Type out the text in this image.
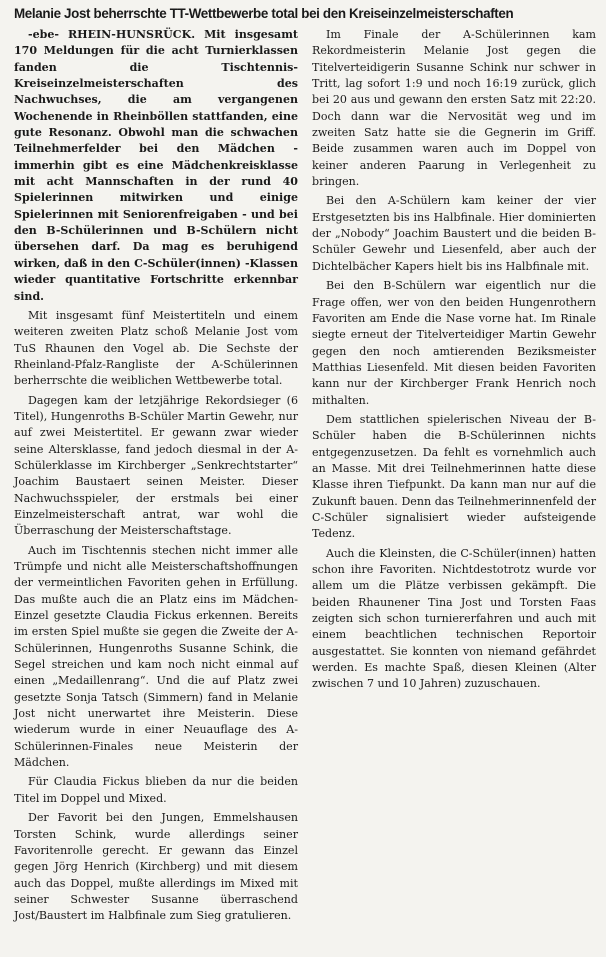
Melanie Jost beherrschte TT-Wettbewerbe total bei den Kreiseinzelmeisterschaften

-ebe- RHEIN-HUNSRÜCK. Mit insgesamt 170 Meldungen für die acht Turnierklassen fanden die Tischtennis-Kreiseinzelmeisterschaften des Nachwuchses, die am vergangenen Wochenende in Rheinböllen stattfanden, eine gute Resonanz. Obwohl man die schwachen Teilnehmerfelder bei den Mädchen - immerhin gibt es eine Mädchenkreisklasse mit acht Mannschaften in der rund 40 Spielerinnen mitwirken und einige Spielerinnen mit Seniorenfreigaben - und bei den B-Schülerinnen und B-Schülern nicht übersehen darf. Da mag es beruhigend wirken, daß in den C-Schüler(innen) -Klassen wieder quantitative Fortschritte erkennbar sind.

Mit insgesamt fünf Meistertiteln und einem weiteren zweiten Platz schoß Melanie Jost vom TuS Rhaunen den Vogel ab. Die Sechste der Rheinland-Pfalz-Rangliste der A-Schülerinnen berherrschte die weiblichen Wettbewerbe total.

Dagegen kam der letzjährige Rekordsieger (6 Titel), Hungenroths B-Schüler Martin Gewehr, nur auf zwei Meistertitel. Er gewann zwar wieder seine Altersklasse, fand jedoch diesmal in der A-Schülerklasse im Kirchberger „Senkrechtstarter“ Joachim Baustaert seinen Meister. Dieser Nachwuchsspieler, der erstmals bei einer Einzelmeisterschaft antrat, war wohl die Überraschung der Meisterschaftstage.

Auch im Tischtennis stechen nicht immer alle Trümpfe und nicht alle Meisterschaftshoffnungen der vermeintlichen Favoriten gehen in Erfüllung. Das mußte auch die an Platz eins im Mädchen-Einzel gesetzte Claudia Fickus erkennen. Bereits im ersten Spiel mußte sie gegen die Zweite der A-Schülerinnen, Hungenroths Susanne Schink, die Segel streichen und kam noch nicht einmal auf einen „Medaillenrang“. Und die auf Platz zwei gesetzte Sonja Tatsch (Simmern) fand in Melanie Jost nicht unerwartet ihre Meisterin. Diese wiederum wurde in einer Neuauflage des A-Schülerinnen-Finales neue Meisterin der Mädchen.

Für Claudia Fickus blieben da nur die beiden Titel im Doppel und Mixed.

Der Favorit bei den Jungen, Emmelshausen Torsten Schink, wurde allerdings seiner Favoritenrolle gerecht. Er gewann das Einzel gegen Jörg Henrich (Kirchberg) und mit diesem auch das Doppel, mußte allerdings im Mixed mit seiner Schwester Susanne überraschend Jost/Baustert im Halbfinale zum Sieg gratulieren.

Im Finale der A-Schülerinnen kam Rekordmeisterin Melanie Jost gegen die Titelverteidigerin Susanne Schink nur schwer in Tritt, lag sofort 1:9 und noch 16:19 zurück, glich bei 20 aus und gewann den ersten Satz mit 22:20. Doch dann war die Nervosität weg und im zweiten Satz hatte sie die Gegnerin im Griff. Beide zusammen waren auch im Doppel von keiner anderen Paarung in Verlegenheit zu bringen.

Bei den A-Schülern kam keiner der vier Erstgesetzten bis ins Halbfinale. Hier dominierten der „Nobody“ Joachim Baustert und die beiden B-Schüler Gewehr und Liesenfeld, aber auch der Dichtelbächer Kapers hielt bis ins Halbfinale mit.

Bei den B-Schülern war eigentlich nur die Frage offen, wer von den beiden Hungenrothern Favoriten am Ende die Nase vorne hat. Im Rinale siegte erneut der Titelverteidiger Martin Gewehr gegen den noch amtierenden Beziksmeister Matthias Liesenfeld. Mit diesen beiden Favoriten kann nur der Kirchberger Frank Henrich noch mithalten.

Dem stattlichen spielerischen Niveau der B-Schüler haben die B-Schülerinnen nichts entgegenzusetzen. Da fehlt es vornehmlich auch an Masse. Mit drei Teilnehmerinnen hatte diese Klasse ihren Tiefpunkt. Da kann man nur auf die Zukunft bauen. Denn das Teilnehmerinnenfeld der C-Schüler signalisiert wieder aufsteigende Tedenz.

Auch die Kleinsten, die C-Schüler(innen) hatten schon ihre Favoriten. Nichtdestotrotz wurde vor allem um die Plätze verbissen gekämpft. Die beiden Rhaunener Tina Jost und Torsten Faas zeigten sich schon turniererfahren und auch mit einem beachtlichen technischen Reportoir ausgestattet. Sie konnten von niemand gefährdet werden. Es machte Spaß, diesen Kleinen (Alter zwischen 7 und 10 Jahren) zuzuschauen.
